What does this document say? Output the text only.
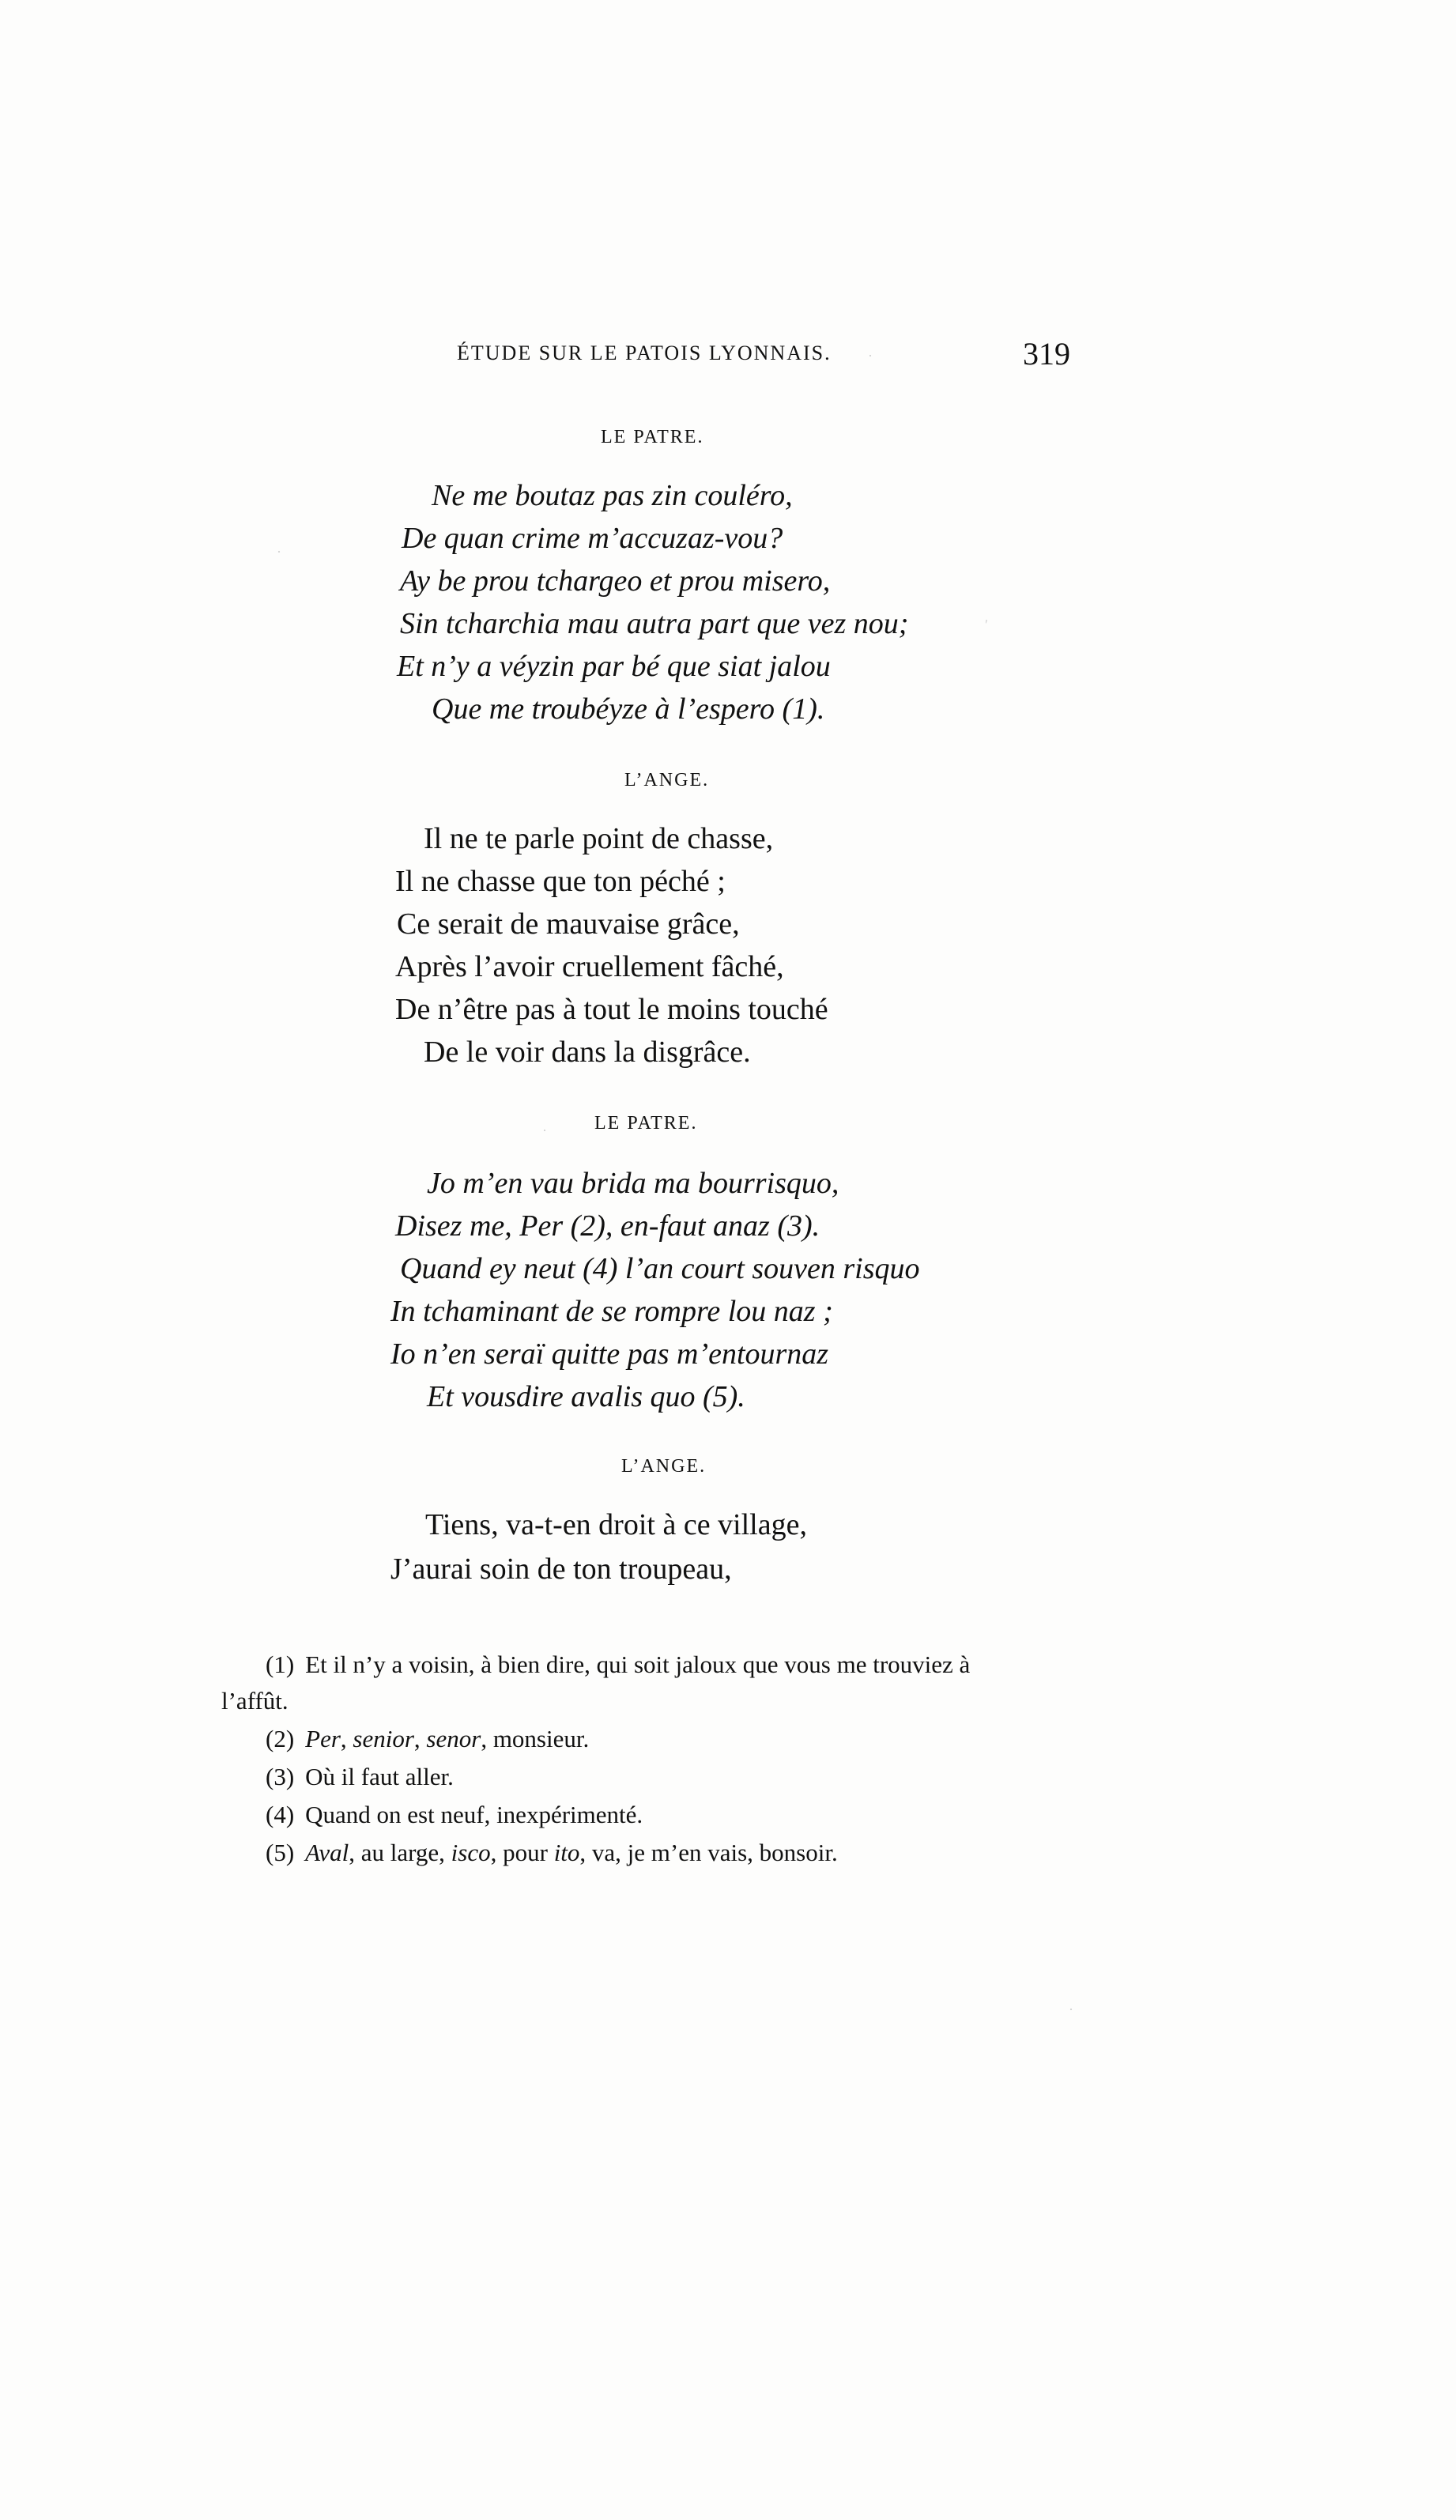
ÉTUDE SUR LE PATOIS LYONNAIS.	319
LE PATRE.
Ne me boutaz pas zin couléro,
De quan crime m’accuzaz-vou?
Ay be prou tchargeo et prou misero,
Sin tcharchia mau autra part que vez nou;
Et n’y a véyzin par bé que siat jalou
Que me troubéyze à l’espero (1).
L’ANGE.
Il ne te parle point de chasse,
Il ne chasse que ton péché ;
Ce serait de mauvaise grâce,
Après l’avoir cruellement fâché,
De n’être pas à tout le moins touché
De le voir dans la disgrâce.
LE PATRE.
Jo m’en vau brida ma bourrisquo,
Disez me, Per (2), en-faut anaz (3).
Quand ey neut (4) l’an court souven risquo
In tchaminant de se rompre lou naz ;
Io n’en seraï quitte pas m’entournaz
Et vousdire avalis quo (5).
L’ANGE.
Tiens, va-t-en droit à ce village,
J’aurai soin de ton troupeau,
(1) Et il n’y a voisin, à bien dire, qui soit jaloux que vous me trouviez à
l’affût.
(2) Per, senior, senor, monsieur.
(3) Où il faut aller.
(4) Quand on est neuf, inexpérimenté.
(5) Aval, au large, isco, pour ito, va, je m’en vais, bonsoir.
·
ʹ
·
·
·
